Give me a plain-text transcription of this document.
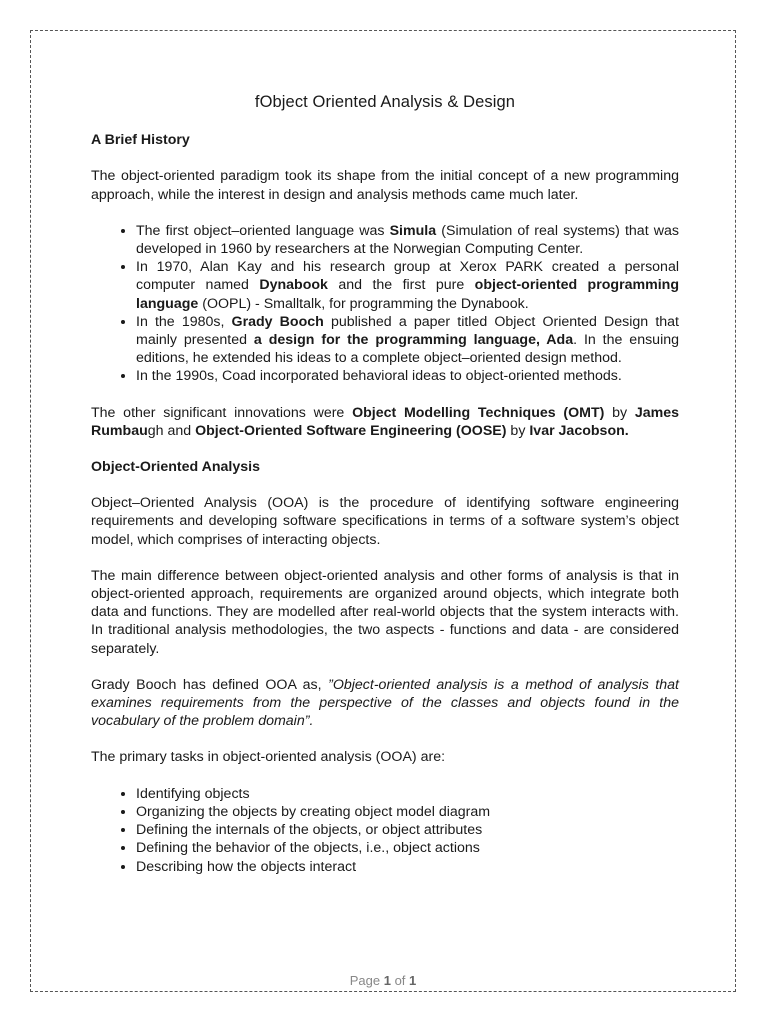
fObject Oriented Analysis & Design
A Brief History

The object-oriented paradigm took its shape from the initial concept of a new programming approach, while the interest in design and analysis methods came much later.

• The first object–oriented language was Simula (Simulation of real systems) that was developed in 1960 by researchers at the Norwegian Computing Center.
• In 1970, Alan Kay and his research group at Xerox PARK created a personal computer named Dynabook and the first pure object-oriented programming language (OOPL) - Smalltalk, for programming the Dynabook.
• In the 1980s, Grady Booch published a paper titled Object Oriented Design that mainly presented a design for the programming language, Ada. In the ensuing editions, he extended his ideas to a complete object–oriented design method.
• In the 1990s, Coad incorporated behavioral ideas to object-oriented methods.

The other significant innovations were Object Modelling Techniques (OMT) by James Rumbaugh and Object-Oriented Software Engineering (OOSE) by Ivar Jacobson.

Object-Oriented Analysis

Object–Oriented Analysis (OOA) is the procedure of identifying software engineering requirements and developing software specifications in terms of a software system’s object model, which comprises of interacting objects.

The main difference between object-oriented analysis and other forms of analysis is that in object-oriented approach, requirements are organized around objects, which integrate both data and functions. They are modelled after real-world objects that the system interacts with. In traditional analysis methodologies, the two aspects - functions and data - are considered separately.

Grady Booch has defined OOA as, ”Object-oriented analysis is a method of analysis that examines requirements from the perspective of the classes and objects found in the vocabulary of the problem domain”.

The primary tasks in object-oriented analysis (OOA) are:

• Identifying objects
• Organizing the objects by creating object model diagram
• Defining the internals of the objects, or object attributes
• Defining the behavior of the objects, i.e., object actions
• Describing how the objects interact
Page 1 of 1
